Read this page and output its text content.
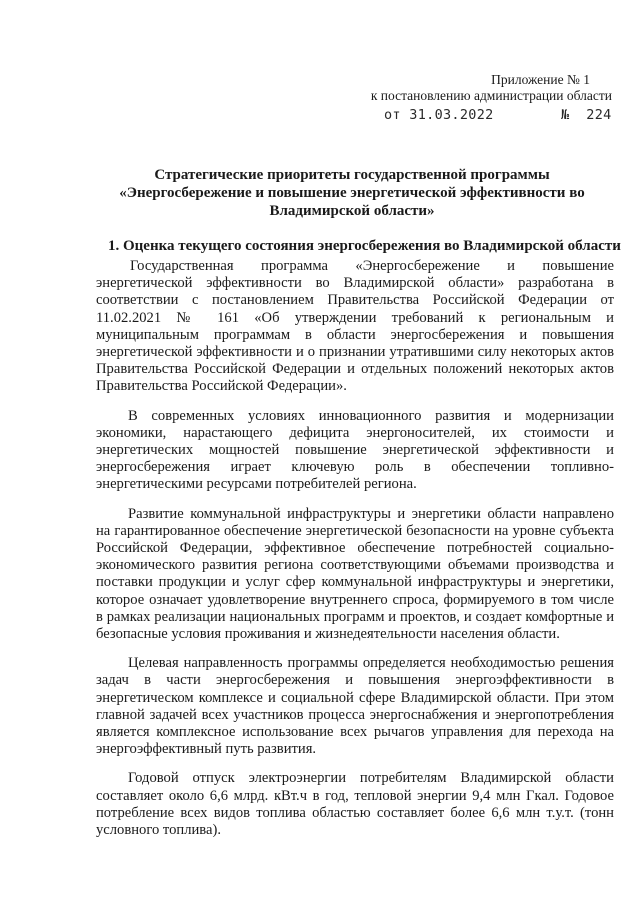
Приложение № 1
к постановлению администрации области
от 31.03.2022        №  224
Стратегические приоритеты государственной программы «Энергосбережение и повышение энергетической эффективности во Владимирской области»
1. Оценка текущего состояния энергосбережения во Владимирской области

Государственная программа «Энергосбережение и повышение энергетической эффективности во Владимирской области» разработана в соответствии с постановлением Правительства Российской Федерации от 11.02.2021 № 161 «Об утверждении требований к региональным и муниципальным программам в области энергосбережения и повышения энергетической эффективности и о признании утратившими силу некоторых актов Правительства Российской Федерации и отдельных положений некоторых актов Правительства Российской Федерации».

В современных условиях инновационного развития и модернизации экономики, нарастающего дефицита энергоносителей, их стоимости и энергетических мощностей повышение энергетической эффективности и энергосбережения играет ключевую роль в обеспечении топливно-энергетическими ресурсами потребителей региона.

Развитие коммунальной инфраструктуры и энергетики области направлено на гарантированное обеспечение энергетической безопасности на уровне субъекта Российской Федерации, эффективное обеспечение потребностей социально-экономического развития региона соответствующими объемами производства и поставки продукции и услуг сфер коммунальной инфраструктуры и энергетики, которое означает удовлетворение внутреннего спроса, формируемого в том числе в рамках реализации национальных программ и проектов, и создает комфортные и безопасные условия проживания и жизнедеятельности населения области.

Целевая направленность программы определяется необходимостью решения задач в части энергосбережения и повышения энергоэффективности в энергетическом комплексе и социальной сфере Владимирской области. При этом главной задачей всех участников процесса энергоснабжения и энергопотребления является комплексное использование всех рычагов управления для перехода на энергоэффективный путь развития.

Годовой отпуск электроэнергии потребителям Владимирской области составляет около 6,6 млрд. кВт.ч в год, тепловой энергии 9,4 млн Гкал. Годовое потребление всех видов топлива областью составляет более 6,6 млн т.у.т. (тонн условного топлива).
